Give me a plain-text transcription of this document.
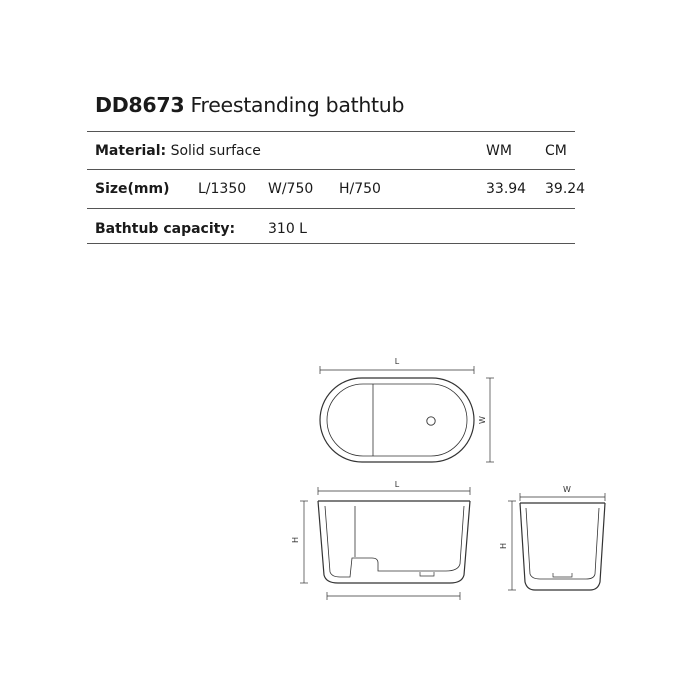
DD8673 Freestanding bathtub
Material: Solid surface	WM CM
Size(mm) L/1350 W/750 H/750	33.94 39.24
Bathtub capacity: 310 L
L
W
L
H
W
H
